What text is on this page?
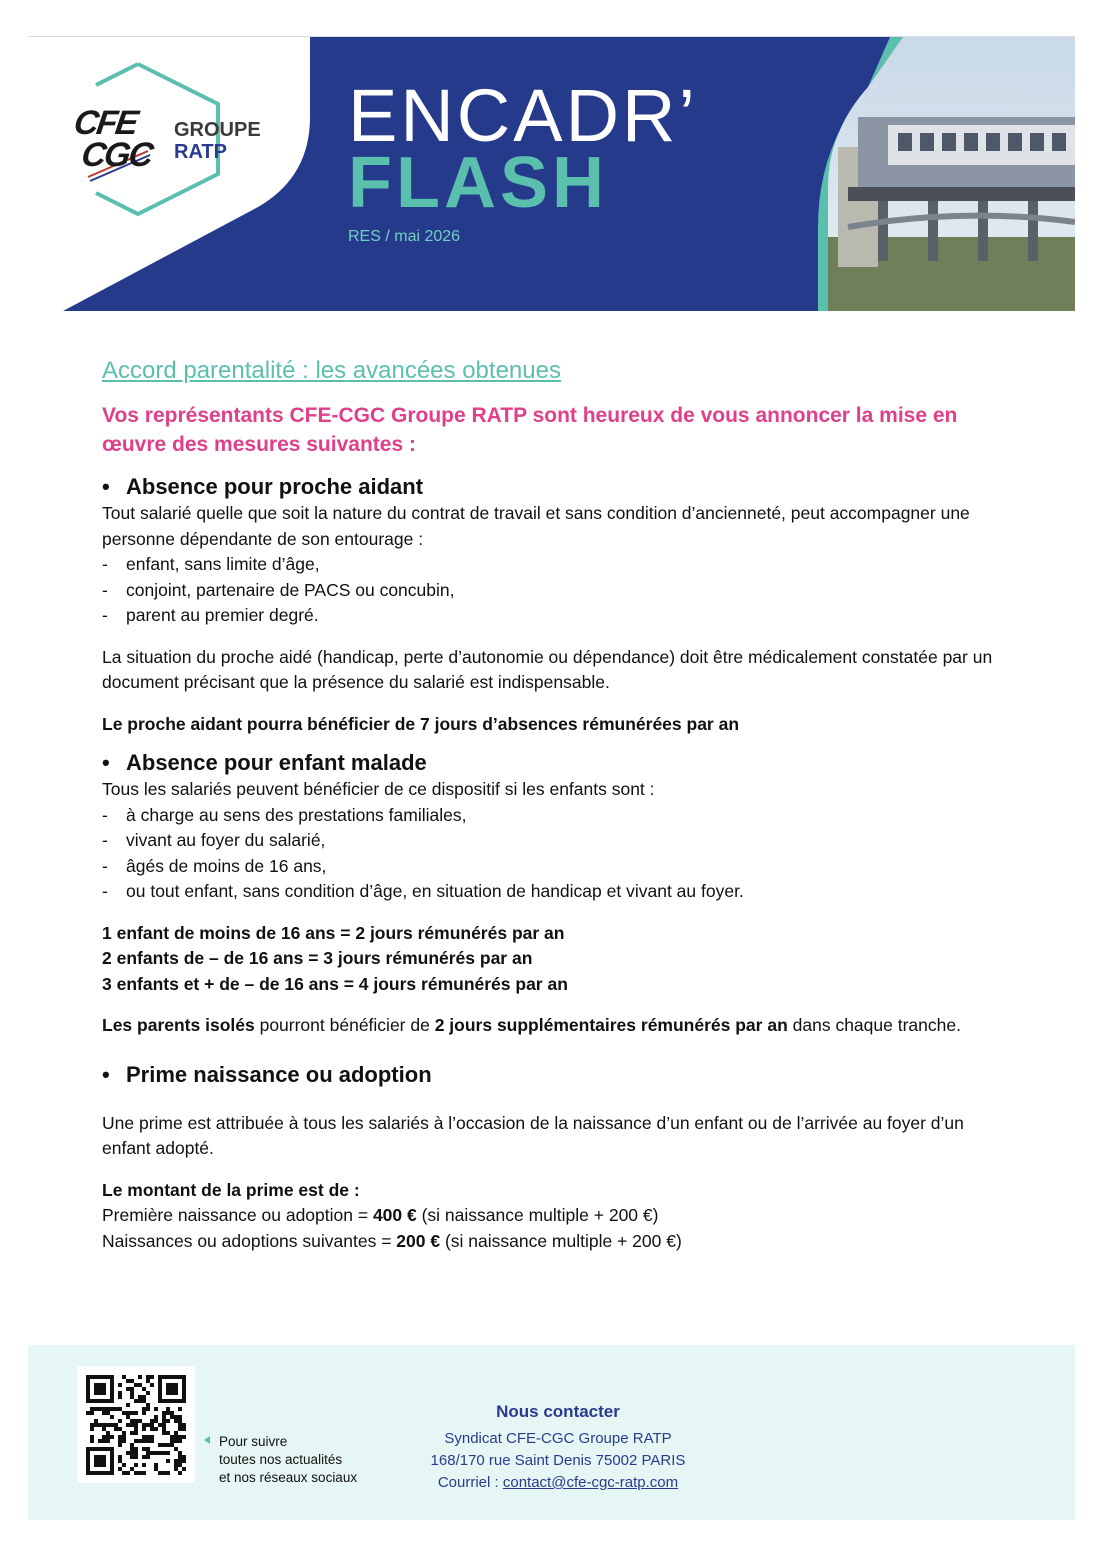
CFE
CGC
GROUPE
RATP	ENCADR’
FLASH
RES / mai 2026
Accord parentalité : les avancées obtenues
Vos représentants CFE-CGC Groupe RATP sont heureux de vous annoncer la mise en œuvre des mesures suivantes :
• Absence pour proche aidant
Tout salarié quelle que soit la nature du contrat de travail et sans condition d’ancienneté, peut accompagner une personne dépendante de son entourage :
-	enfant, sans limite d’âge,
-	conjoint, partenaire de PACS ou concubin,
-	parent au premier degré.
La situation du proche aidé (handicap, perte d’autonomie ou dépendance) doit être médicalement constatée par un document précisant que la présence du salarié est indispensable.
Le proche aidant pourra bénéficier de 7 jours d’absences rémunérées par an
• Absence pour enfant malade
Tous les salariés peuvent bénéficier de ce dispositif si les enfants sont :
-	à charge au sens des prestations familiales,
-	vivant au foyer du salarié,
-	âgés de moins de 16 ans,
-	ou tout enfant, sans condition d’âge, en situation de handicap et vivant au foyer.
1 enfant de moins de 16 ans = 2 jours rémunérés par an
2 enfants de – de 16 ans = 3 jours rémunérés par an
3 enfants et + de – de 16 ans = 4 jours rémunérés par an
Les parents isolés pourront bénéficier de 2 jours supplémentaires rémunérés par an dans chaque tranche.
• Prime naissance ou adoption
Une prime est attribuée à tous les salariés à l’occasion de la naissance d’un enfant ou de l’arrivée au foyer d’un enfant adopté.
Le montant de la prime est de :
Première naissance ou adoption = 400 € (si naissance multiple + 200 €)
Naissances ou adoptions suivantes = 200 € (si naissance multiple + 200 €)
Pour suivre
toutes nos actualités
et nos réseaux sociaux
Nous contacter
Syndicat CFE-CGC Groupe RATP
168/170 rue Saint Denis 75002 PARIS
Courriel : contact@cfe-cgc-ratp.com
